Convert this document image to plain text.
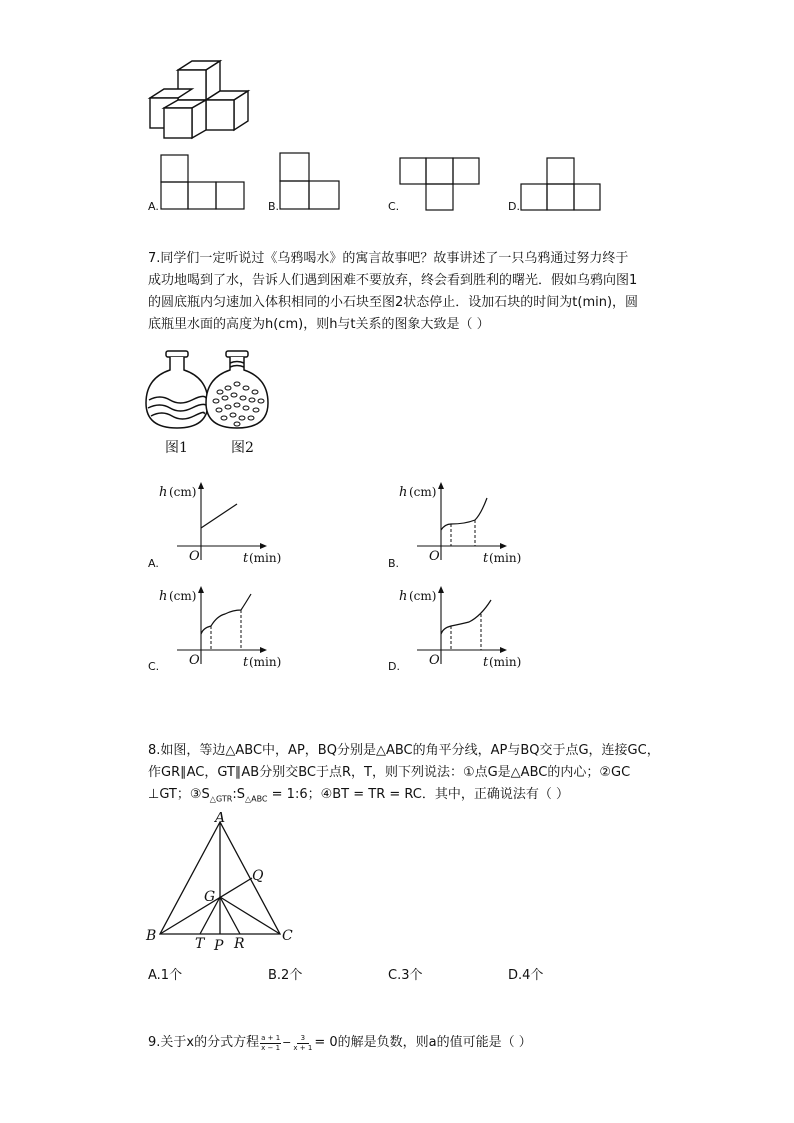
A.	B.	C.	D.
7.同学们一定听说过《乌鸦喝水》的寓言故事吧？故事讲述了一只乌鸦通过努力终于
成功地喝到了水，告诉人们遇到困难不要放弃，终会看到胜利的曙光．假如乌鸦向图1
的圆底瓶内匀速加入体积相同的小石块至图2状态停止．设加石块的时间为t(min)，圆
底瓶里水面的高度为h(cm)，则h与t关系的图象大致是（ ）
图1	图2
h (cm)
O	t (min)
A.
h (cm)
O	t (min)
B.
h (cm)
O	t (min)
C.
h (cm)
O	t (min)
D.
8.如图，等边△ABC中，AP，BQ分别是△ABC的角平分线，AP与BQ交于点G，连接GC，
作GR∥AC，GT∥AB分别交BC于点R，T，则下列说法：①点G是△ABC的内心；②GC
⊥GT；$③S_{\triangle GTR}:S_{\triangle ABC}$ = 1:6；④BT = TR = RC．其中，正确说法有（ ）
A
B	C
G
Q
T P R
A.1个	B.2个	C.3个	D.4个
9.关于x的分式方程 $\frac{a + 1}{x - 1} - \frac{3}{x + 1} = 0$的解是负数，则a的值可能是（ ）
